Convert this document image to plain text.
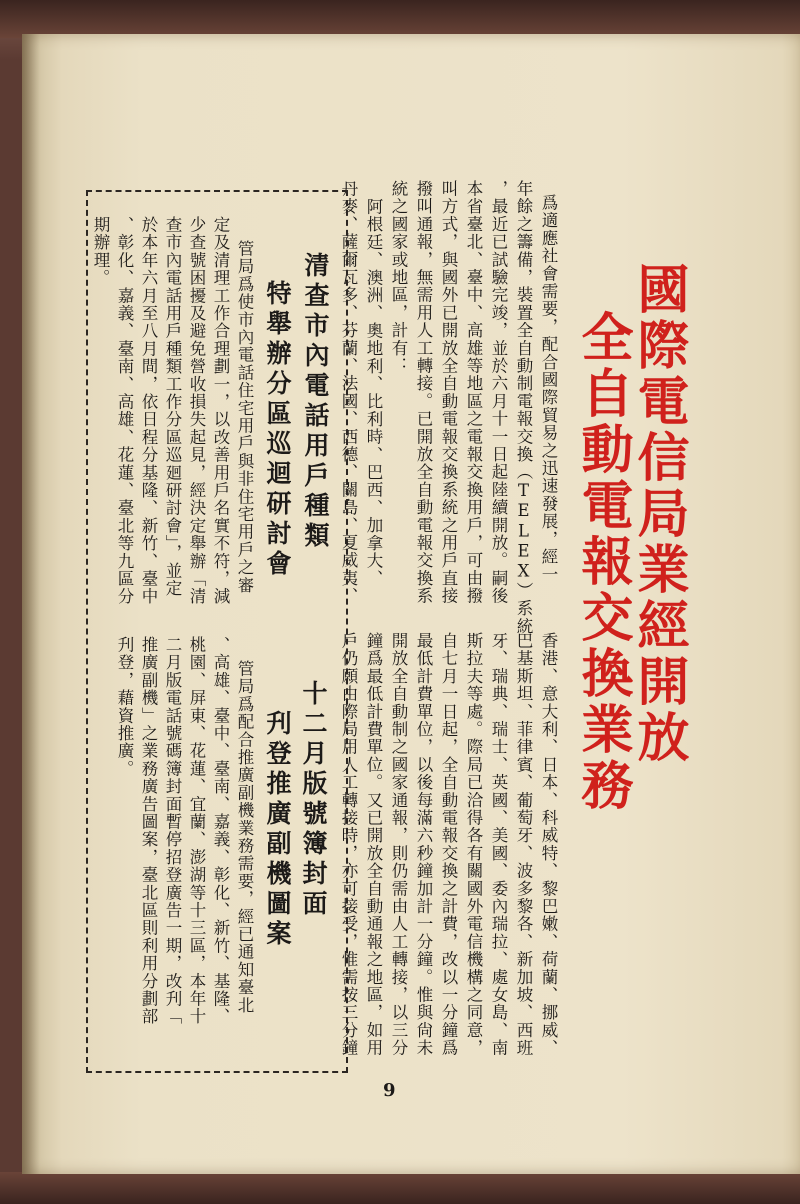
國際電信局業經開放
全自動電報交換業務
爲適應社會需要，配合國際貿易之迅速發展，經一
年餘之籌備，裝置全自動制電報交換（TELEX）系統
，最近已試驗完竣，並於六月十一日起陸續開放。嗣後
本省臺北、臺中、高雄等地區之電報交換用戶，可由撥
叫方式，與國外已開放全自動電報交換系統之用戶直接
撥叫通報，無需用人工轉接。已開放全自動電報交換系
統之國家或地區，計有：
阿根廷、澳洲、奧地利、比利時、巴西、加拿大、
丹麥、薩爾瓦多、芬蘭、法國、西德、關島、夏威夷、
香港、意大利、日本、科威特、黎巴嫩、荷蘭、挪威、
巴基斯坦、菲律賓、葡萄牙、波多黎各、新加坡、西班
牙、瑞典、瑞士、英國、美國、委內瑞拉、處女島、南
斯拉夫等處。際局已洽得各有關國外電信機構之同意，
自七月一日起，全自動電報交換之計費，改以一分鐘爲
最低計費單位，以後每滿六秒鐘加計一分鐘。惟與尙未
開放全自動制之國家通報，則仍需由人工轉接，以三分
鐘爲最低計費單位。又已開放全自動通報之地區，如用
戶仍願由際局用人工轉接時，亦可接受，惟需按三分鐘
清查市內電話用戶種類
特舉辦分區巡迴研討會
管局爲使市內電話住宅用戶與非住宅用戶之審
定及清理工作合理劃一，以改善用戶名實不符，減
少查號困擾及避免營收損失起見，經決定舉辦「清
查市內電話用戶種類工作分區巡廻研討會」，並定
於本年六月至八月間，依日程分基隆、新竹、臺中
、彰化、嘉義、臺南、高雄、花蓮、臺北等九區分
期辦理。
十二月版號簿封面
刋登推廣副機圖案
管局爲配合推廣副機業務需要，經已通知臺北
、高雄、臺中、臺南、嘉義、彰化、新竹、基隆、
桃園、屏東、花蓮、宜蘭、澎湖等十三區，本年十
二月版電話號碼簿封面暫停招登廣告一期，改刋「
推廣副機」之業務廣告圖案，臺北區則利用分劃部
刋登，藉資推廣。
9
